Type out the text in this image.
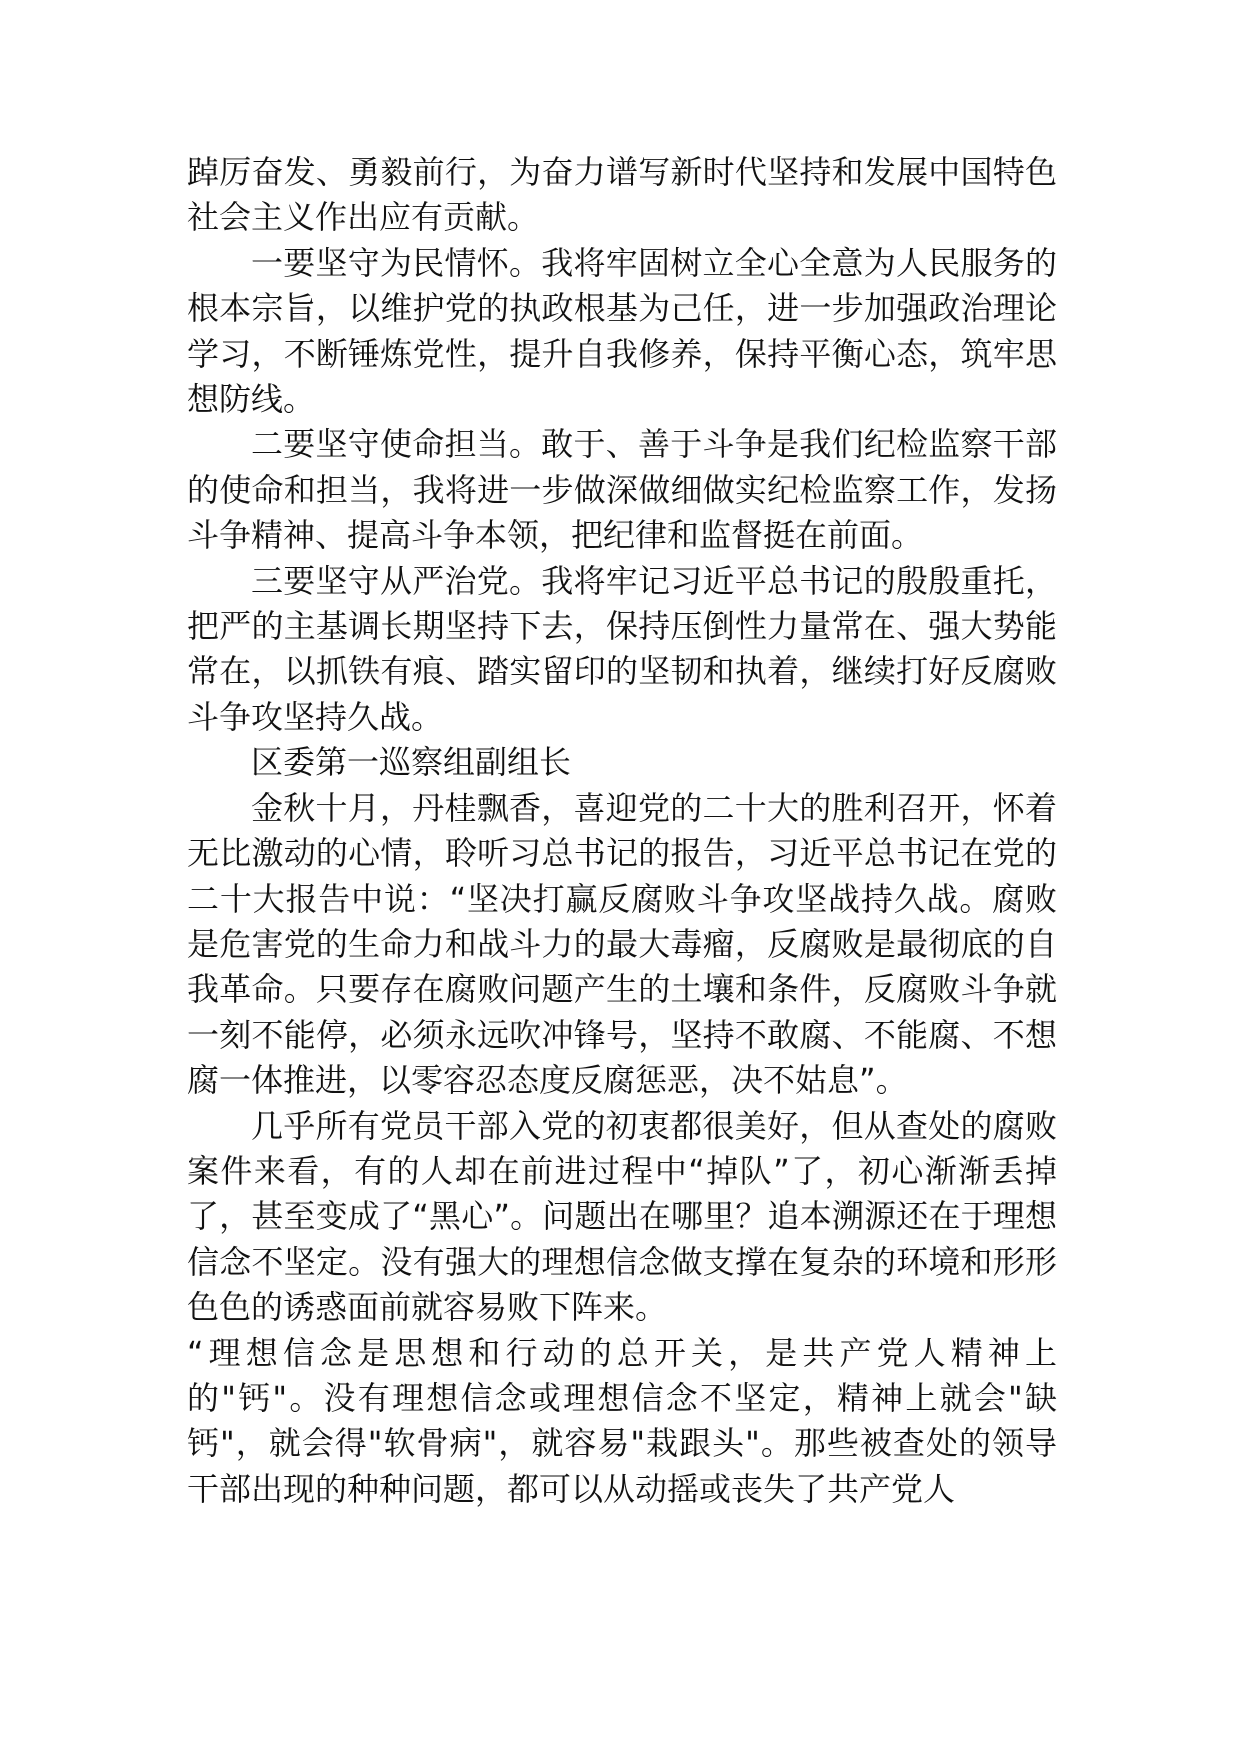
踔厉奋发、勇毅前行，为奋力谱写新时代坚持和发展中国特色社会主义作出应有贡献。

一要坚守为民情怀。我将牢固树立全心全意为人民服务的根本宗旨，以维护党的执政根基为己任，进一步加强政治理论学习，不断锤炼党性，提升自我修养，保持平衡心态，筑牢思想防线。

二要坚守使命担当。敢于、善于斗争是我们纪检监察干部的使命和担当，我将进一步做深做细做实纪检监察工作，发扬斗争精神、提高斗争本领，把纪律和监督挺在前面。

三要坚守从严治党。我将牢记习近平总书记的殷殷重托，把严的主基调长期坚持下去，保持压倒性力量常在、强大势能常在，以抓铁有痕、踏实留印的坚韧和执着，继续打好反腐败斗争攻坚持久战。

区委第一巡察组副组长

金秋十月，丹桂飘香，喜迎党的二十大的胜利召开，怀着无比激动的心情，聆听习总书记的报告，习近平总书记在党的二十大报告中说：“坚决打赢反腐败斗争攻坚战持久战。腐败是危害党的生命力和战斗力的最大毒瘤，反腐败是最彻底的自我革命。只要存在腐败问题产生的土壤和条件，反腐败斗争就一刻不能停，必须永远吹冲锋号，坚持不敢腐、不能腐、不想腐一体推进，以零容忍态度反腐惩恶，决不姑息”。

几乎所有党员干部入党的初衷都很美好，但从查处的腐败案件来看，有的人却在前进过程中“掉队”了，初心渐渐丢掉了，甚至变成了“黑心”。问题出在哪里？追本溯源还在于理想信念不坚定。没有强大的理想信念做支撑在复杂的环境和形形色色的诱惑面前就容易败下阵来。

“理想信念是思想和行动的总开关，是共产党人精神上的"钙"。没有理想信念或理想信念不坚定，精神上就会"缺钙"，就会得"软骨病"，就容易"栽跟头"。那些被查处的领导干部出现的种种问题，都可以从动摇或丧失了共产党人
